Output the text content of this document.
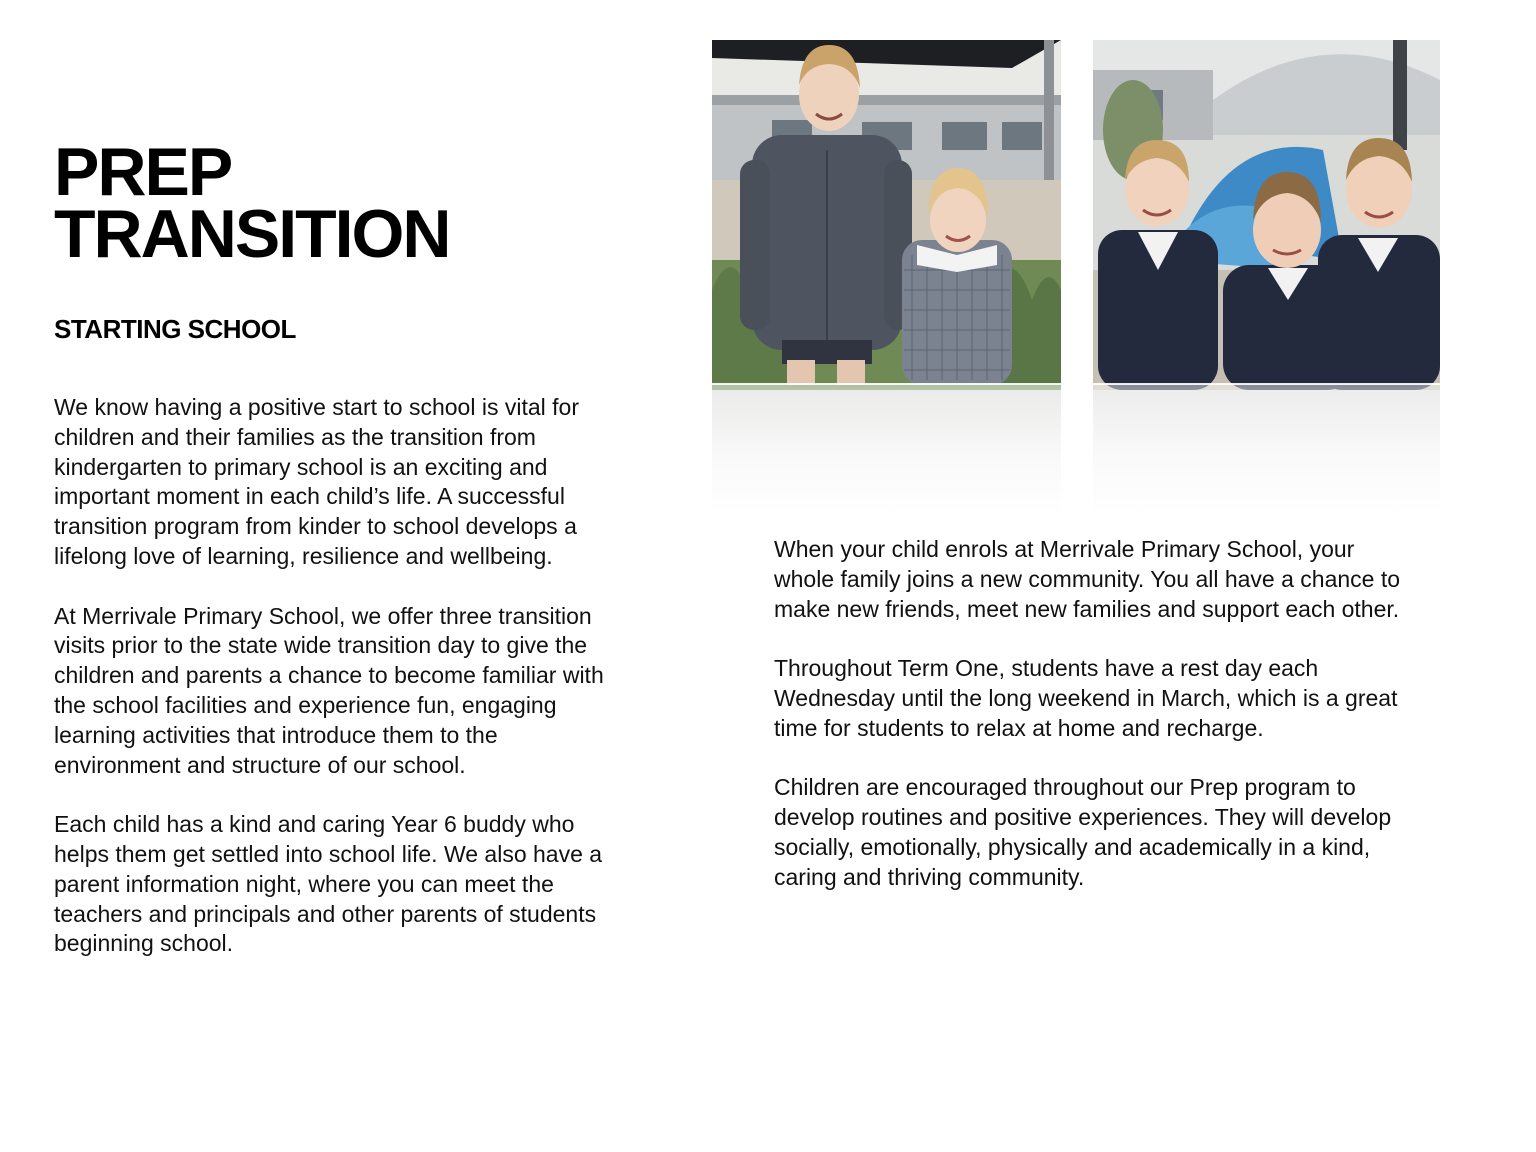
PREP
TRANSITION
STARTING SCHOOL

We know having a positive start to school is vital for children and their families as the transition from kindergarten to primary school is an exciting and important moment in each child’s life. A successful transition program from kinder to school develops a lifelong love of learning, resilience and wellbeing.

At Merrivale Primary School, we offer three transition visits prior to the state wide transition day to give the children and parents a chance to become familiar with the school facilities and experience fun, engaging learning activities that introduce them to the environment and structure of our school.

Each child has a kind and caring Year 6 buddy who helps them get settled into school life. We also have a parent information night, where you can meet the teachers and principals and other parents of students beginning school.

When your child enrols at Merrivale Primary School, your whole family joins a new community. You all have a chance to make new friends, meet new families and support each other.

Throughout Term One, students have a rest day each Wednesday until the long weekend in March, which is a great time for students to relax at home and recharge.

Children are encouraged throughout our Prep program to develop routines and positive experiences. They will develop socially, emotionally, physically and academically in a kind, caring and thriving community.
